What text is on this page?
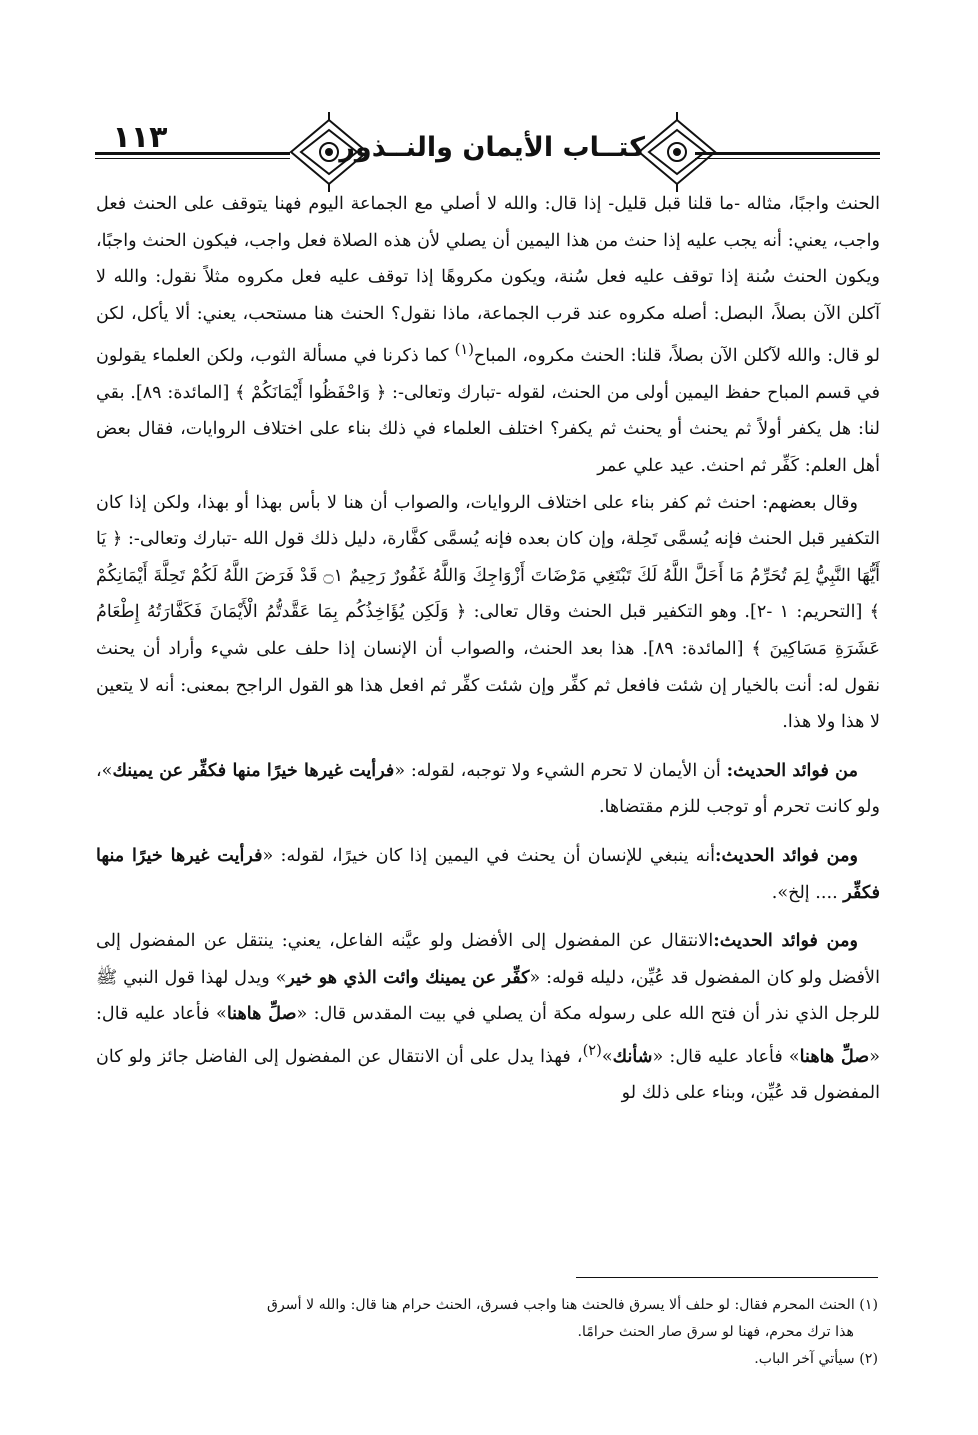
١١٣	كتــاب الأيمان والنــذور

الحنث واجبًا، مثاله -ما قلنا قبل قليل- إذا قال: والله لا أصلي مع الجماعة اليوم فهنا يتوقف على الحنث فعل واجب، يعني: أنه يجب عليه إذا حنث من هذا اليمين أن يصلي لأن هذه الصلاة فعل واجب، فيكون الحنث واجبًا، ويكون الحنث سُنة إذا توقف عليه فعل سُنة، ويكون مكروهًا إذا توقف عليه فعل مكروه مثلاً نقول: والله لا آكلن الآن بصلاً، البصل: أصله مكروه عند قرب الجماعة، ماذا نقول؟ الحنث هنا مستحب، يعني: ألا يأكل، لكن لو قال: والله لآكلن الآن بصلاً، قلنا: الحنث مكروه، المباح$^{(١)}$ كما ذكرنا في مسألة الثوب، ولكن العلماء يقولون في قسم المباح حفظ اليمين أولى من الحنث، لقوله -تبارك وتعالى-: ﴿ وَاحْفَظُوا أَيْمَانَكُمْ ﴾ [المائدة: ٨٩]. بقي لنا: هل يكفر أولاً ثم يحنث أو يحنث ثم يكفر؟ اختلف العلماء في ذلك بناء على اختلاف الروايات، فقال بعض أهل العلم: كَفِّر ثم احنث. عيد علي عمر

وقال بعضهم: احنث ثم كفر بناء على اختلاف الروايات، والصواب أن هنا لا بأس بهذا أو بهذا، ولكن إذا كان التكفير قبل الحنث فإنه يُسمَّى تَحِلة، وإن كان بعده فإنه يُسمَّى كفَّارة، دليل ذلك قول الله -تبارك وتعالى-: ﴿ يَا أَيُّهَا النَّبِيُّ لِمَ تُحَرِّمُ مَا أَحَلَّ اللَّهُ لَكَ تَبْتَغِي مَرْضَاتَ أَزْوَاجِكَ وَاللَّهُ غَفُورٌ رَحِيمٌ ۝١ قَدْ فَرَضَ اللَّهُ لَكُمْ تَحِلَّةَ أَيْمَانِكُمْ ﴾ [التحريم: ١ -٢]. وهو التكفير قبل الحنث وقال تعالى: ﴿ وَلَكِن يُؤَاخِذُكُم بِمَا عَقَّدتُّمُ الْأَيْمَانَ فَكَفَّارَتُهُ إِطْعَامُ عَشَرَةِ مَسَاكِينَ ﴾ [المائدة: ٨٩]. هذا بعد الحنث، والصواب أن الإنسان إذا حلف على شيء وأراد أن يحنث نقول له: أنت بالخيار إن شئت فافعل ثم كفِّر وإن شئت كفِّر ثم افعل هذا هو القول الراجح بمعنى: أنه لا يتعين لا هذا ولا هذا.

من فوائد الحديث: أن الأيمان لا تحرم الشيء ولا توجبه، لقوله: «فرأيت غيرها خيرًا منها فكفِّر عن يمينك»، ولو كانت تحرم أو توجب للزم مقتضاها.

ومن فوائد الحديث:أنه ينبغي للإنسان أن يحنث في اليمين إذا كان خيرًا، لقوله: «فرأيت غيرها خيرًا منها فكفِّر .... إلخ».

ومن فوائد الحديث:الانتقال عن المفضول إلى الأفضل ولو عيَّنه الفاعل، يعني: ينتقل عن المفضول إلى الأفضل ولو كان المفضول قد عُيِّن، دليله قوله: «كفِّر عن يمينك وائت الذي هو خير» ويدل لهذا قول النبي ﷺ للرجل الذي نذر أن فتح الله على رسوله مكة أن يصلي في بيت المقدس قال: «صلِّ هاهنا» فأعاد عليه قال: «صلِّ هاهنا» فأعاد عليه قال: «شأنك»$^{(٢)}$، فهذا يدل على أن الانتقال عن المفضول إلى الفاضل جائز ولو كان المفضول قد عُيِّن، وبناء على ذلك لو

(١) الحنث المحرم فقال: لو حلف ألا يسرق فالحنث هنا واجب فسرق، الحنث حرام هنا قال: والله لا أسرق

هذا ترك محرم، فهنا لو سرق صار الحنث حرامًا.

(٢) سيأتي آخر الباب.
